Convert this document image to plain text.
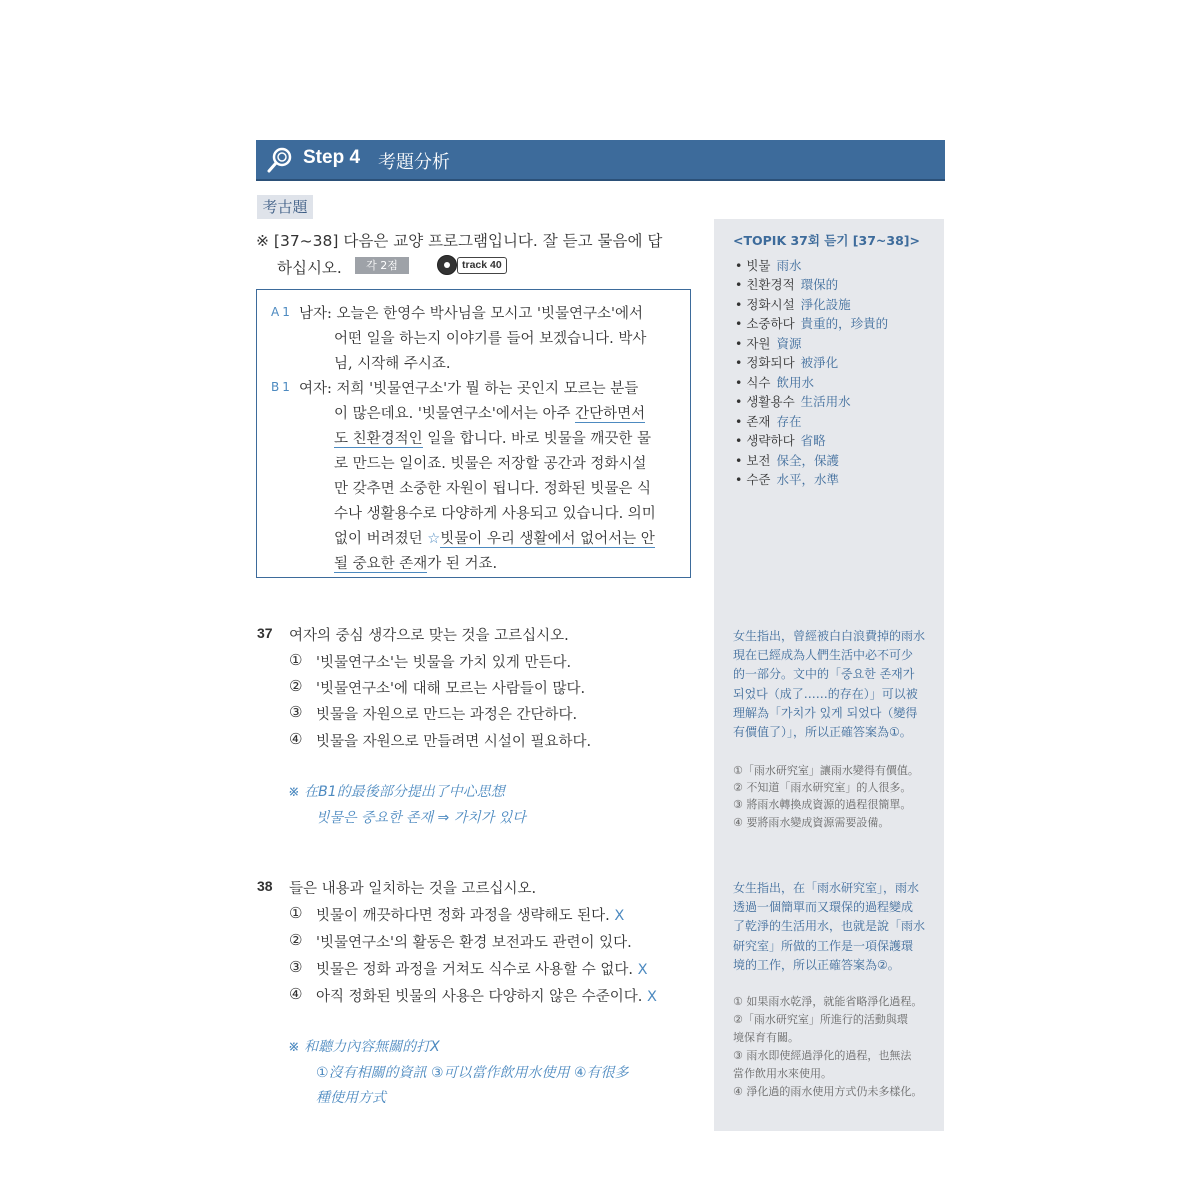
Step 4 考題分析
考古題
※ [37~38] 다음은 교양 프로그램입니다. 잘 듣고 물음에 답
하십시오.	각 2점	track 40
A1 남자: 오늘은 한영수 박사님을 모시고 '빗물연구소'에서
어떤 일을 하는지 이야기를 들어 보겠습니다. 박사
님, 시작해 주시죠.
B1 여자: 저희 '빗물연구소'가 뭘 하는 곳인지 모르는 분들
이 많은데요. '빗물연구소'에서는 아주 간단하면서
도 친환경적인 일을 합니다. 바로 빗물을 깨끗한 물
로 만드는 일이죠. 빗물은 저장할 공간과 정화시설
만 갖추면 소중한 자원이 됩니다. 정화된 빗물은 식
수나 생활용수로 다양하게 사용되고 있습니다. 의미
없이 버려졌던 ☆빗물이 우리 생활에서 없어서는 안
될 중요한 존재가 된 거죠.
37 여자의 중심 생각으로 맞는 것을 고르십시오.
① '빗물연구소'는 빗물을 가치 있게 만든다.
② '빗물연구소'에 대해 모르는 사람들이 많다.
③ 빗물을 자원으로 만드는 과정은 간단하다.
④ 빗물을 자원으로 만들려면 시설이 필요하다.
※ 在B1的最後部分提出了中心思想
빗물은 중요한 존재 ⇒ 가치가 있다
38 들은 내용과 일치하는 것을 고르십시오.
① 빗물이 깨끗하다면 정화 과정을 생략해도 된다. X
② '빗물연구소'의 활동은 환경 보전과도 관련이 있다.
③ 빗물은 정화 과정을 거쳐도 식수로 사용할 수 없다. X
④ 아직 정화된 빗물의 사용은 다양하지 않은 수준이다. X
※ 和聽力內容無關的打X
①沒有相關的資訊 ③可以當作飲用水使用 ④有很多
種使用方式
<TOPIK 37회 듣기 [37~38]>
• 빗물 雨水
• 친환경적 環保的
• 정화시설 淨化設施
• 소중하다 貴重的，珍貴的
• 자원 資源
• 정화되다 被淨化
• 식수 飲用水
• 생활용수 生活用水
• 존재 存在
• 생략하다 省略
• 보전 保全，保護
• 수준 水平，水準
女生指出，曾經被白白浪費掉的雨水
現在已經成為人們生活中必不可少
的一部分。文中的「중요한 존재가
되었다（成了……的存在）」可以被
理解為「가치가 있게 되었다（變得
有價值了）」，所以正確答案為①。
①「雨水研究室」讓雨水變得有價值。
② 不知道「雨水研究室」的人很多。
③ 將雨水轉換成資源的過程很簡單。
④ 要將雨水變成資源需要設備。
女生指出，在「雨水研究室」，雨水
透過一個簡單而又環保的過程變成
了乾淨的生活用水，也就是說「雨水
研究室」所做的工作是一項保護環
境的工作，所以正確答案為②。
① 如果雨水乾淨，就能省略淨化過程。
②「雨水研究室」所進行的活動與環
境保育有關。
③ 雨水即使經過淨化的過程，也無法
當作飲用水來使用。
④ 淨化過的雨水使用方式仍未多樣化。
